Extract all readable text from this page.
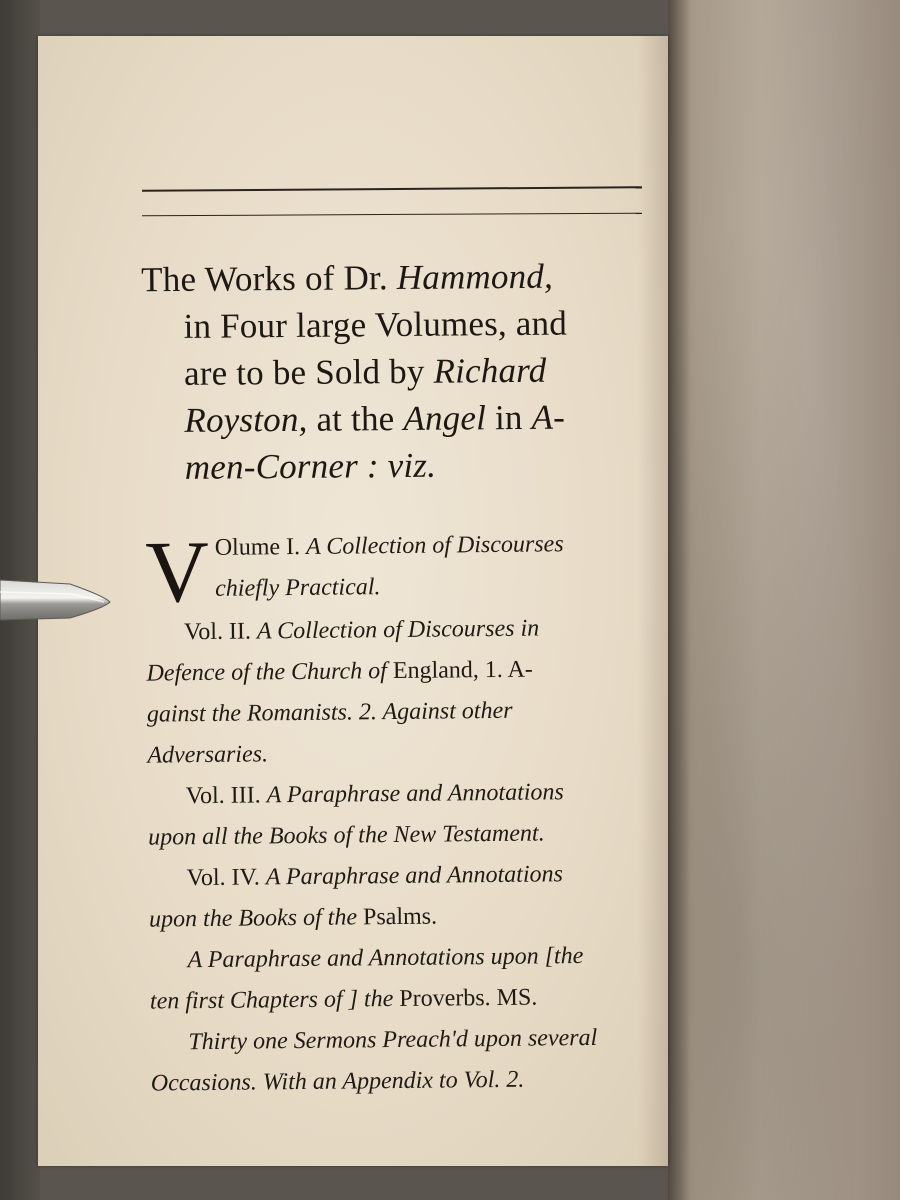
The Works of Dr. Hammond,
in Four large Volumes, and
are to be Sold by Richard
Royston, at the Angel in A-
men-Corner : viz.
V Olume I. A Collection of Discourses
chiefly Practical.
Vol. II. A Collection of Discourses in
Defence of the Church of England, 1. A-
gainst the Romanists. 2. Against other
Adversaries.
Vol. III. A Paraphrase and Annotations
upon all the Books of the New Testament.
Vol. IV. A Paraphrase and Annotations
upon the Books of the Psalms.
A Paraphrase and Annotations upon [the
ten first Chapters of ] the Proverbs. MS.
Thirty one Sermons Preach'd upon several
Occasions. With an Appendix to Vol. 2.
